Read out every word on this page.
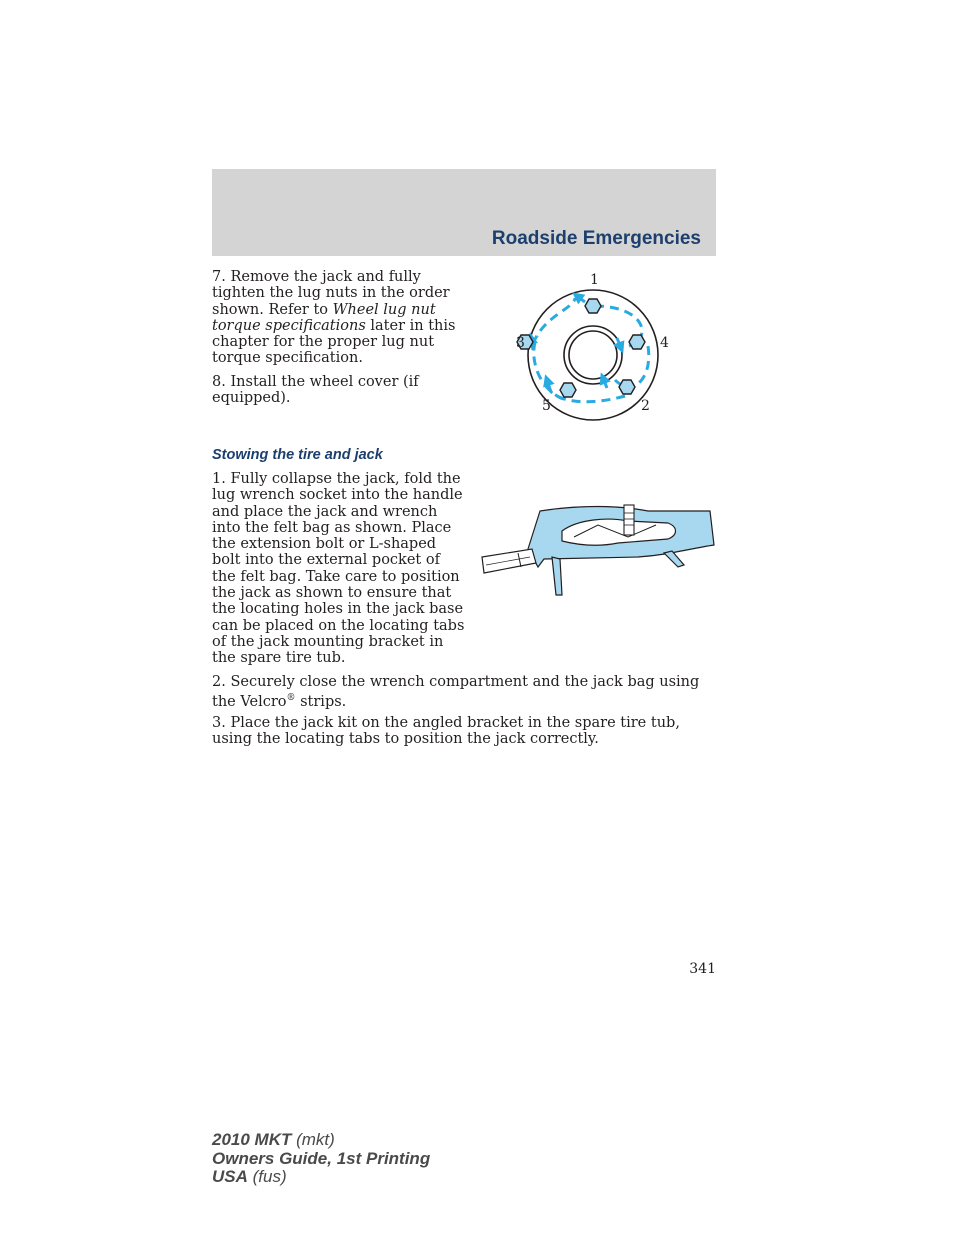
Roadside Emergencies

7. Remove the jack and fully tighten the lug nuts in the order shown. Refer to Wheel lug nut torque specifications later in this chapter for the proper lug nut torque specification.

8. Install the wheel cover (if equipped).

1
2
3	4
5
Stowing the tire and jack

1. Fully collapse the jack, fold the lug wrench socket into the handle and place the jack and wrench into the felt bag as shown. Place the extension bolt or L-shaped bolt into the external pocket of the felt bag. Take care to position the jack as shown to ensure that the locating holes in the jack base can be placed on the locating tabs of the jack mounting bracket in the spare tire tub.

2. Securely close the wrench compartment and the jack bag using the Velcro® strips.

3. Place the jack kit on the angled bracket in the spare tire tub, using the locating tabs to position the jack correctly.

341
2010 MKT (mkt)
Owners Guide, 1st Printing
USA (fus)
